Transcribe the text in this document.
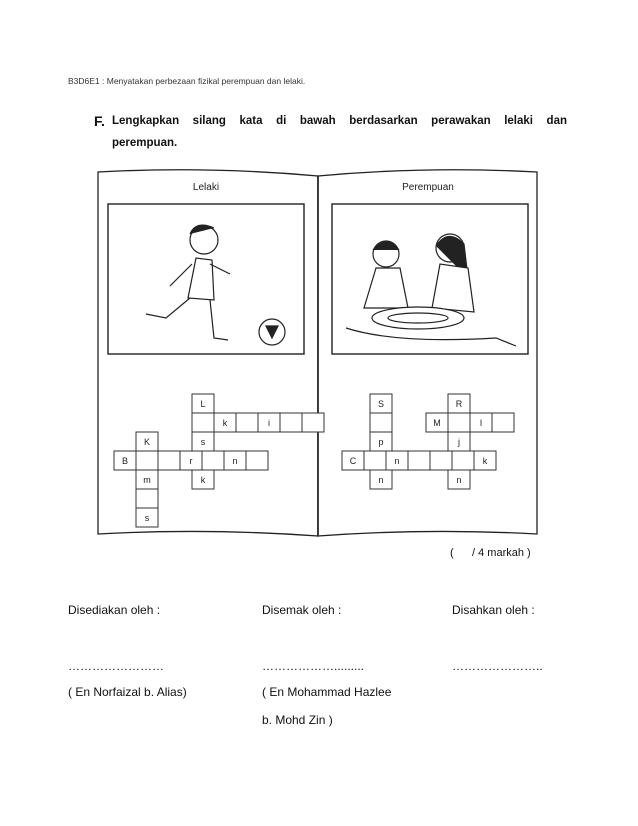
B3D6E1 : Menyatakan perbezaan fizikal perempuan dan lelaki.
F. Lengkapkan silang kata di bawah berdasarkan perawakan lelaki dan
perempuan.
Lelaki	Perempuan
L
k	i
K	s
B	r	n
m	k
s
S	R
M	l
p	j
C	n	k
n	n
(      / 4 markah )
Disediakan oleh :	Disemak oleh :	Disahkan oleh :
……………………	……………….........	…………………..
( En Norfaizal b. Alias)	( En Mohammad Hazlee
b. Mohd Zin )
